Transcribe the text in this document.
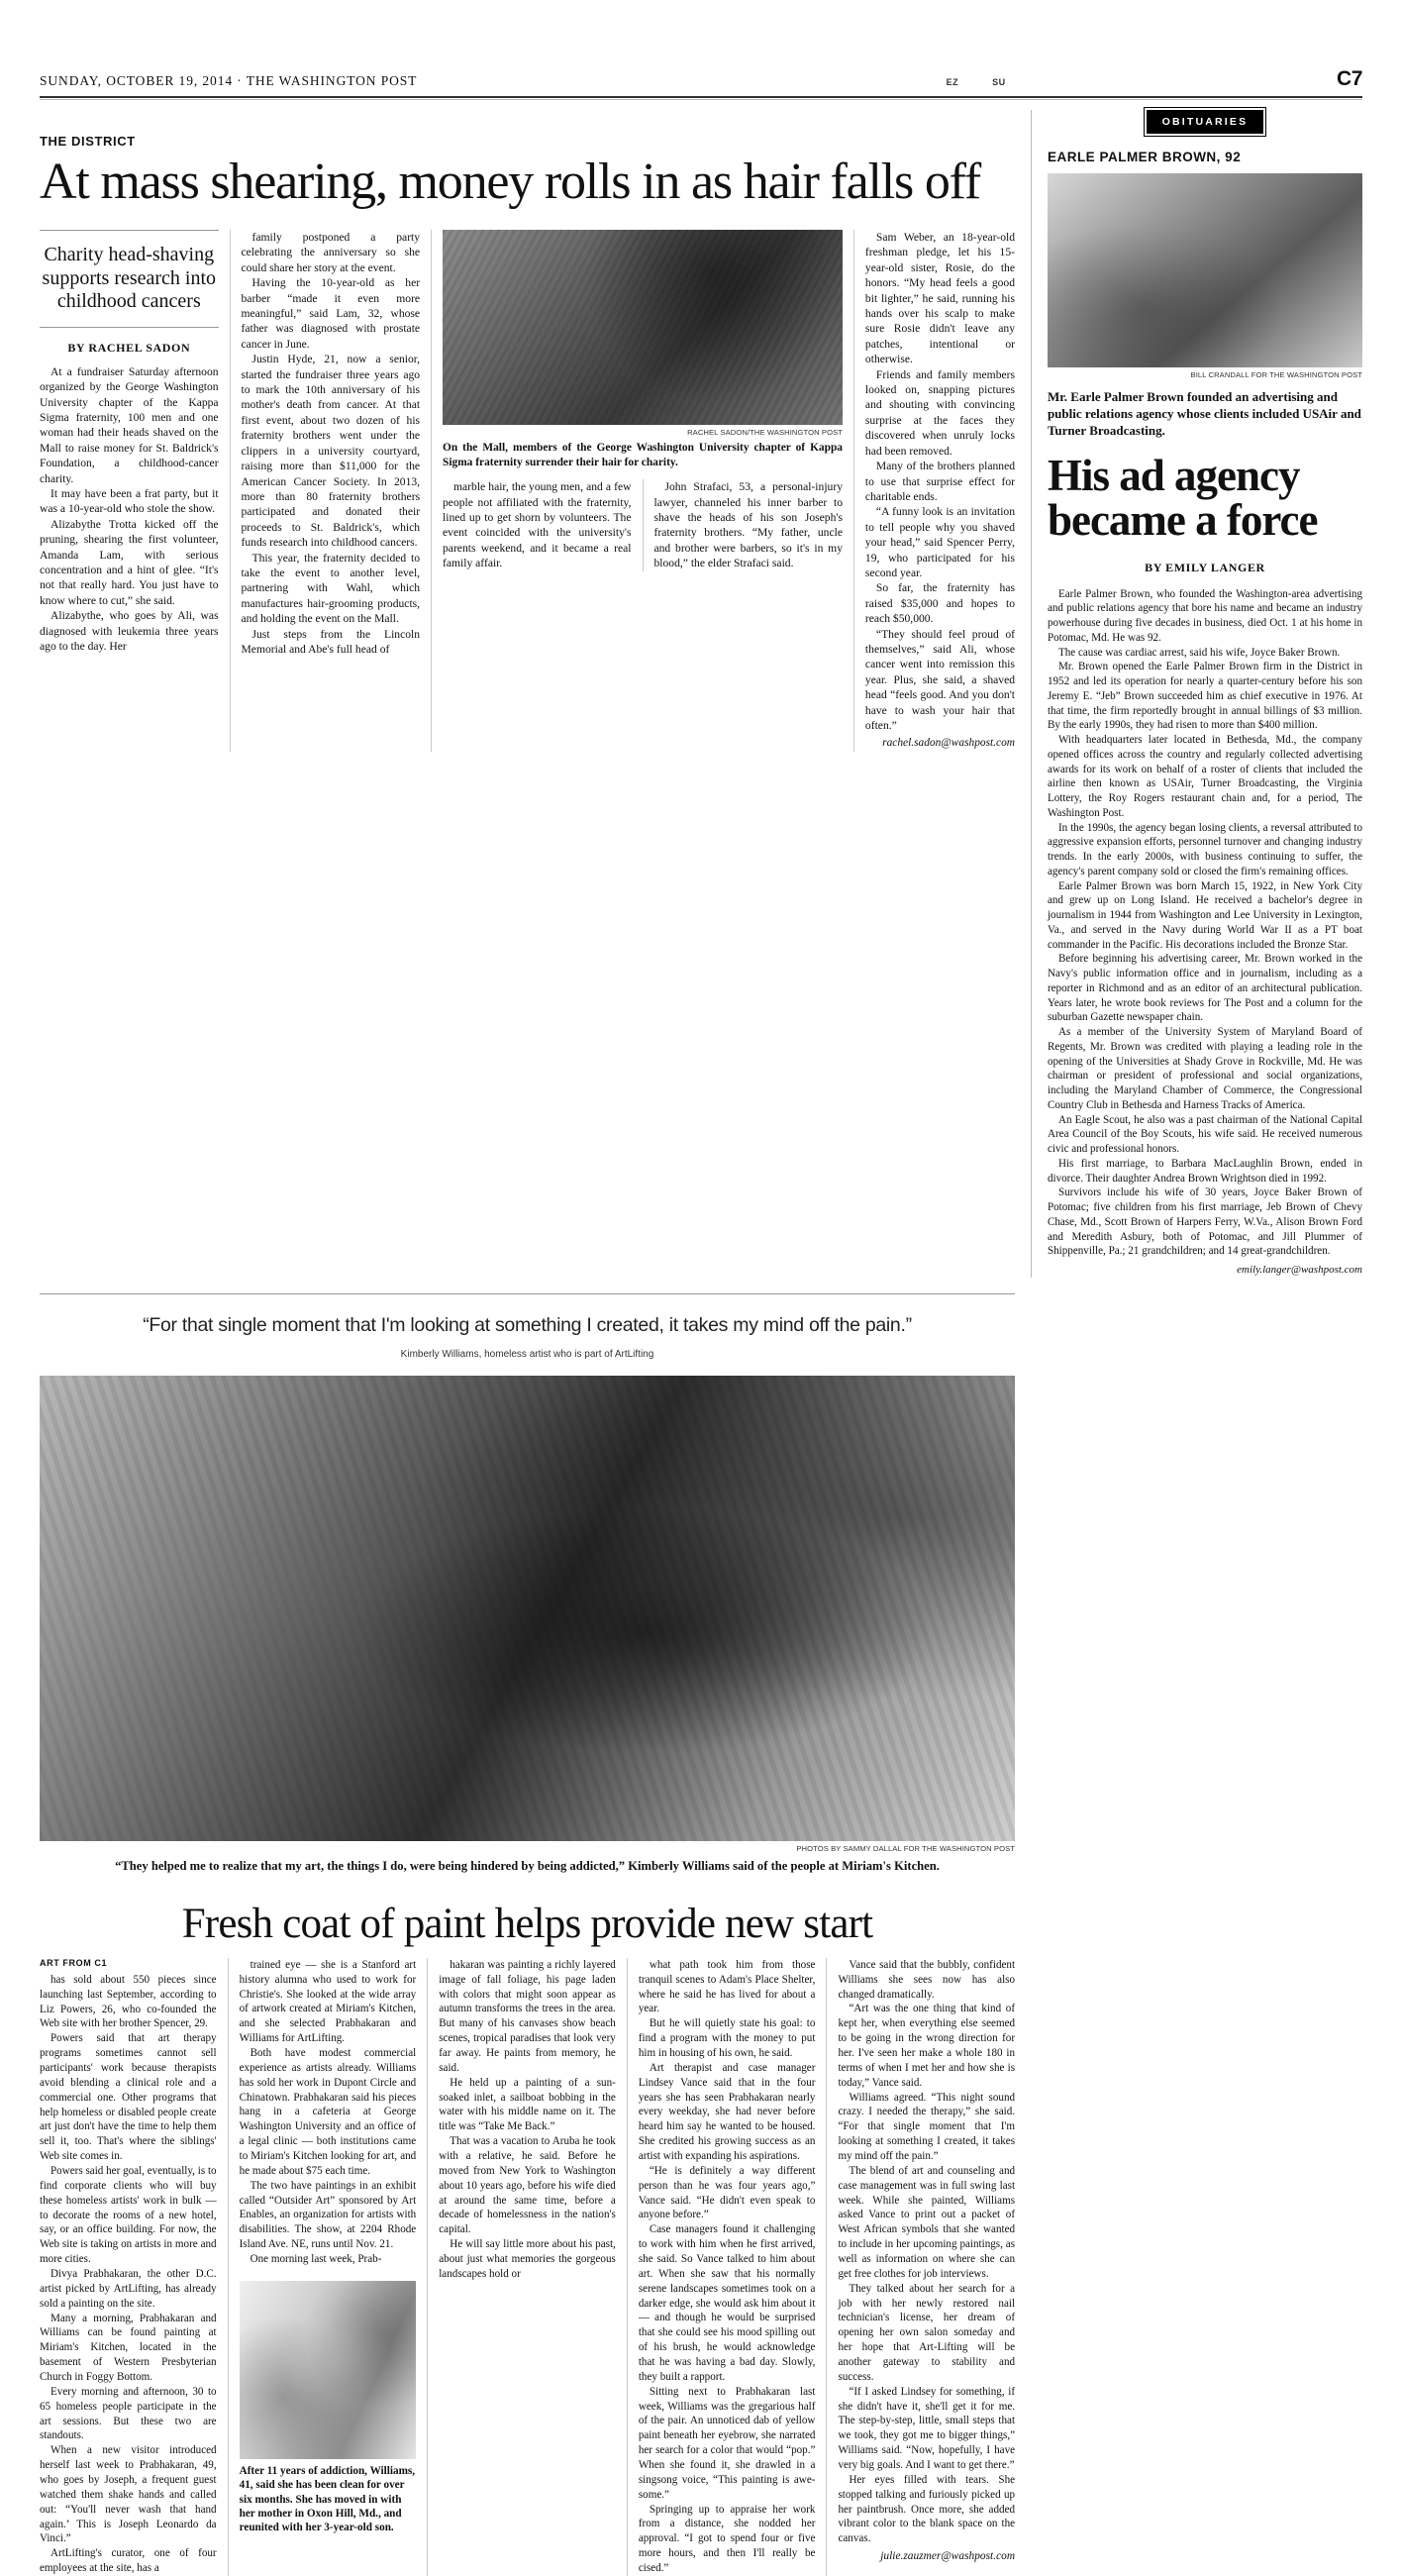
SUNDAY, OCTOBER 19, 2014 · THE WASHINGTON POST	EZ	SU	C7
THE DISTRICT
At mass shearing, money rolls in as hair falls off
Charity head-shaving supports research into childhood cancers
BY RACHEL SADON

At a fundraiser Saturday afternoon organized by the George Washington University chapter of the Kappa Sigma fraternity, 100 men and one woman had their heads shaved on the Mall to raise money for St. Baldrick's Foundation, a childhood-cancer charity.

It may have been a frat party, but it was a 10-year-old who stole the show.

Alizabythe Trotta kicked off the pruning, shearing the first volunteer, Amanda Lam, with serious concentration and a hint of glee. “It's not that really hard. You just have to know where to cut,” she said.

Alizabythe, who goes by Ali, was diagnosed with leukemia three years ago to the day. Her

family postponed a party celebrating the anniversary so she could share her story at the event.

Having the 10-year-old as her barber “made it even more meaningful,” said Lam, 32, whose father was diagnosed with prostate cancer in June.

Justin Hyde, 21, now a senior, started the fundraiser three years ago to mark the 10th anniversary of his mother's death from cancer. At that first event, about two dozen of his fraternity brothers went under the clippers in a university courtyard, raising more than $11,000 for the American Cancer Society. In 2013, more than 80 fraternity brothers participated and donated their proceeds to St. Baldrick's, which funds research into childhood cancers.

This year, the fraternity decided to take the event to another level, partnering with Wahl, which manufactures hair-grooming products, and holding the event on the Mall.

Just steps from the Lincoln Memorial and Abe's full head of

RACHEL SADON/THE WASHINGTON POST
On the Mall, members of the George Washington University chapter of Kappa Sigma fraternity surrender their hair for charity.

marble hair, the young men, and a few people not affiliated with the fraternity, lined up to get shorn by volunteers. The event coincided with the university's parents weekend, and it became a real family affair.

John Strafaci, 53, a personal-injury lawyer, channeled his inner barber to shave the heads of his son Joseph's fraternity brothers. “My father, uncle and brother were barbers, so it's in my blood,” the elder Strafaci said.

Sam Weber, an 18-year-old freshman pledge, let his 15-year-old sister, Rosie, do the honors. “My head feels a good bit lighter,” he said, running his hands over his scalp to make sure Rosie didn't leave any patches, intentional or otherwise.

Friends and family members looked on, snapping pictures and shouting with convincing surprise at the faces they discovered when unruly locks had been removed.

Many of the brothers planned to use that surprise effect for charitable ends.

“A funny look is an invitation to tell people why you shaved your head,” said Spencer Perry, 19, who participated for his second year.

So far, the fraternity has raised $35,000 and hopes to reach $50,000.

“They should feel proud of themselves,” said Ali, whose cancer went into remission this year. Plus, she said, a shaved head “feels good. And you don't have to wash your hair that often.”

rachel.sadon@washpost.com
OBITUARIES
EARLE PALMER BROWN, 92
BILL CRANDALL FOR THE WASHINGTON POST
Mr. Earle Palmer Brown founded an advertising and public relations agency whose clients included USAir and Turner Broadcasting.
His ad agency became a force
BY EMILY LANGER

Earle Palmer Brown, who founded the Washington-area advertising and public relations agency that bore his name and became an industry powerhouse during five decades in business, died Oct. 1 at his home in Potomac, Md. He was 92.

The cause was cardiac arrest, said his wife, Joyce Baker Brown.

Mr. Brown opened the Earle Palmer Brown firm in the District in 1952 and led its operation for nearly a quarter-century before his son Jeremy E. “Jeb” Brown succeeded him as chief executive in 1976. At that time, the firm reportedly brought in annual billings of $3 million. By the early 1990s, they had risen to more than $400 million.

With headquarters later located in Bethesda, Md., the company opened offices across the country and regularly collected advertising awards for its work on behalf of a roster of clients that included the airline then known as USAir, Turner Broadcasting, the Virginia Lottery, the Roy Rogers restaurant chain and, for a period, The Washington Post.

In the 1990s, the agency began losing clients, a reversal attributed to aggressive expansion efforts, personnel turnover and changing industry trends. In the early 2000s, with business continuing to suffer, the agency's parent company sold or closed the firm's remaining offices.

Earle Palmer Brown was born March 15, 1922, in New York City and grew up on Long Island. He received a bachelor's degree in journalism in 1944 from Washington and Lee University in Lexington, Va., and served in the Navy during World War II as a PT boat commander in the Pacific. His decorations included the Bronze Star.

Before beginning his advertising career, Mr. Brown worked in the Navy's public information office and in journalism, including as a reporter in Richmond and as an editor of an architectural publication. Years later, he wrote book reviews for The Post and a column for the suburban Gazette newspaper chain.

As a member of the University System of Maryland Board of Regents, Mr. Brown was credited with playing a leading role in the opening of the Universities at Shady Grove in Rockville, Md. He was chairman or president of professional and social organizations, including the Maryland Chamber of Commerce, the Congressional Country Club in Bethesda and Harness Tracks of America.

An Eagle Scout, he also was a past chairman of the National Capital Area Council of the Boy Scouts, his wife said. He received numerous civic and professional honors.

His first marriage, to Barbara MacLaughlin Brown, ended in divorce. Their daughter Andrea Brown Wrightson died in 1992.

Survivors include his wife of 30 years, Joyce Baker Brown of Potomac; five children from his first marriage, Jeb Brown of Chevy Chase, Md., Scott Brown of Harpers Ferry, W.Va., Alison Brown Ford and Meredith Asbury, both of Potomac, and Jill Plummer of Shippenville, Pa.; 21 grandchildren; and 14 great-grandchildren.

emily.langer@washpost.com
“For that single moment that I'm looking at something I created, it takes my mind off the pain.”
Kimberly Williams, homeless artist who is part of ArtLifting
PHOTOS BY SAMMY DALLAL FOR THE WASHINGTON POST
“They helped me to realize that my art, the things I do, were being hindered by being addicted,” Kimberly Williams said of the people at Miriam's Kitchen.
Fresh coat of paint helps provide new start
ART FROM C1

has sold about 550 pieces since launching last September, according to Liz Powers, 26, who co-founded the Web site with her brother Spencer, 29.

Powers said that art therapy programs sometimes cannot sell participants' work because therapists avoid blending a clinical role and a commercial one. Other programs that help homeless or disabled people create art just don't have the time to help them sell it, too. That's where the siblings' Web site comes in.

Powers said her goal, eventually, is to find corporate clients who will buy these homeless artists' work in bulk — to decorate the rooms of a new hotel, say, or an office building. For now, the Web site is taking on artists in more and more cities.

Divya Prabhakaran, the other D.C. artist picked by ArtLifting, has already sold a painting on the site.

Many a morning, Prabhakaran and Williams can be found painting at Miriam's Kitchen, located in the basement of Western Presbyterian Church in Foggy Bottom.

Every morning and afternoon, 30 to 65 homeless people participate in the art sessions. But these two are standouts.

When a new visitor introduced herself last week to Prabhakaran, 49, who goes by Joseph, a frequent guest watched them shake hands and called out: “You'll never wash that hand again.’ This is Joseph Leonardo da Vinci.”

ArtLifting's curator, one of four employees at the site, has a

trained eye — she is a Stanford art history alumna who used to work for Christie's. She looked at the wide array of artwork created at Miriam's Kitchen, and she selected Prabhakaran and Williams for ArtLifting.

Both have modest commercial experience as artists already. Williams has sold her work in Dupont Circle and Chinatown. Prabhakaran said his pieces hang in a cafeteria at George Washington University and an office of a legal clinic — both institutions came to Miriam's Kitchen looking for art, and he made about $75 each time.

The two have paintings in an exhibit called “Outsider Art” sponsored by Art Enables, an organization for artists with disabilities. The show, at 2204 Rhode Island Ave. NE, runs until Nov. 21.

One morning last week, Prab-

After 11 years of addiction, Williams, 41, said she has been clean for over six months. She has moved in with her mother in Oxon Hill, Md., and reunited with her 3-year-old son.

hakaran was painting a richly layered image of fall foliage, his page laden with colors that might soon appear as autumn transforms the trees in the area. But many of his canvases show beach scenes, tropical paradises that look very far away. He paints from memory, he said.

He held up a painting of a sun-soaked inlet, a sailboat bobbing in the water with his middle name on it. The title was “Take Me Back.”

That was a vacation to Aruba he took with a relative, he said. Before he moved from New York to Washington about 10 years ago, before his wife died at around the same time, before a decade of homelessness in the nation's capital.

He will say little more about his past, about just what memories the gorgeous landscapes hold or

what path took him from those tranquil scenes to Adam's Place Shelter, where he said he has lived for about a year.

But he will quietly state his goal: to find a program with the money to put him in housing of his own, he said.

Art therapist and case manager Lindsey Vance said that in the four years she has seen Prabhakaran nearly every weekday, she had never before heard him say he wanted to be housed. She credited his growing success as an artist with expanding his aspirations.

“He is definitely a way different person than he was four years ago,” Vance said. “He didn't even speak to anyone before.”

Case managers found it challenging to work with him when he first arrived, she said. So Vance talked to him about art. When she saw that his normally serene landscapes sometimes took on a darker edge, she would ask him about it — and though he would be surprised that she could see his mood spilling out of his brush, he would acknowledge that he was having a bad day. Slowly, they built a rapport.

Sitting next to Prabhakaran last week, Williams was the gregarious half of the pair. An unnoticed dab of yellow paint beneath her eyebrow, she narrated her search for a color that would “pop.” When she found it, she drawled in a singsong voice, “This painting is awe-some.”

Springing up to appraise her work from a distance, she nodded her approval. “I got to spend four or five more hours, and then I'll really be cised.”

Vance said that the bubbly, confident Williams she sees now has also changed dramatically.

“Art was the one thing that kind of kept her, when everything else seemed to be going in the wrong direction for her. I've seen her make a whole 180 in terms of when I met her and how she is today,” Vance said.

Williams agreed. “This night sound crazy. I needed the therapy,” she said. “For that single moment that I'm looking at something I created, it takes my mind off the pain.”

The blend of art and counseling and case management was in full swing last week. While she painted, Williams asked Vance to print out a packet of West African symbols that she wanted to include in her upcoming paintings, as well as information on where she can get free clothes for job interviews.

They talked about her search for a job with her newly restored nail technician's license, her dream of opening her own salon someday and her hope that Art-Lifting will be another gateway to stability and success.

“If I asked Lindsey for something, if she didn't have it, she'll get it for me. The step-by-step, little, small steps that we took, they got me to bigger things,” Williams said. “Now, hopefully, I have very big goals. And I want to get there.”

Her eyes filled with tears. She stopped talking and furiously picked up her paintbrush. Once more, she added vibrant color to the blank space on the canvas.

julie.zauzmer@washpost.com
